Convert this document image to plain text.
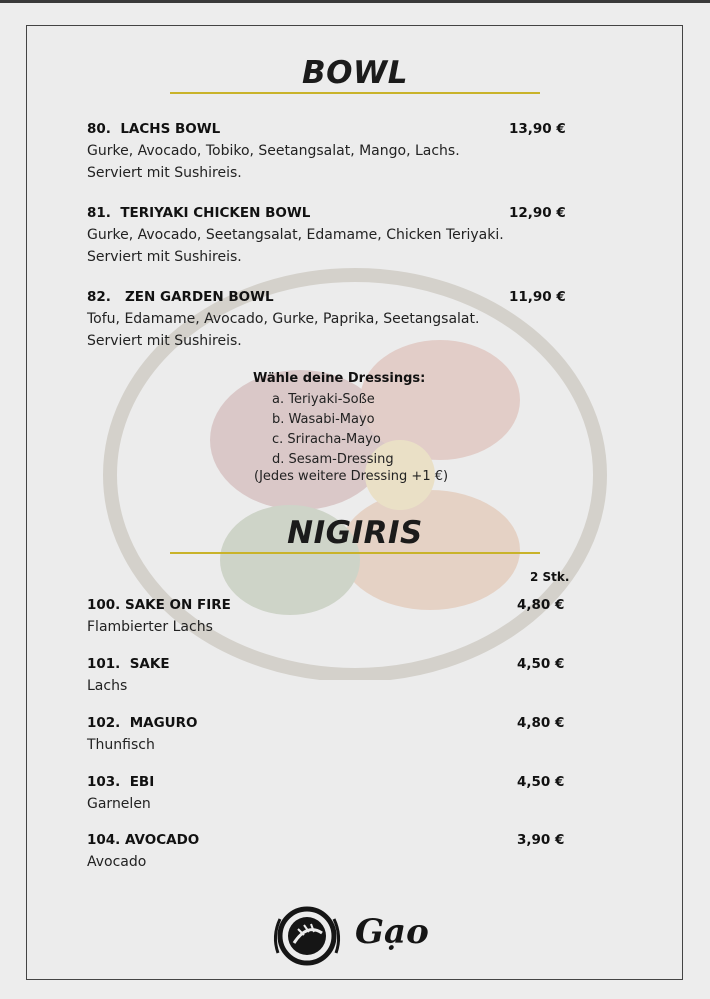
BOWL
80.  LACHS BOWL	13,90 €
Gurke, Avocado, Tobiko, Seetangsalat, Mango, Lachs.
Serviert mit Sushireis.
81.  TERIYAKI CHICKEN BOWL	12,90 €
Gurke, Avocado, Seetangsalat, Edamame, Chicken Teriyaki.
Serviert mit Sushireis.
82.   ZEN GARDEN BOWL	11,90 €
Tofu, Edamame, Avocado, Gurke, Paprika, Seetangsalat.
Serviert mit Sushireis.
Wähle deine Dressings:
a. Teriyaki-Soße
b. Wasabi-Mayo
c. Sriracha-Mayo
d. Sesam-Dressing
(Jedes weitere Dressing +1 €)
NIGIRIS
2 Stk.
100. SAKE ON FIRE	4,80 €
Flambierter Lachs
101.  SAKE	4,50 €
Lachs
102.  MAGURO	4,80 €
Thunfisch
103.  EBI	4,50 €
Garnelen
104. AVOCADO	3,90 €
Avocado
Gạo
